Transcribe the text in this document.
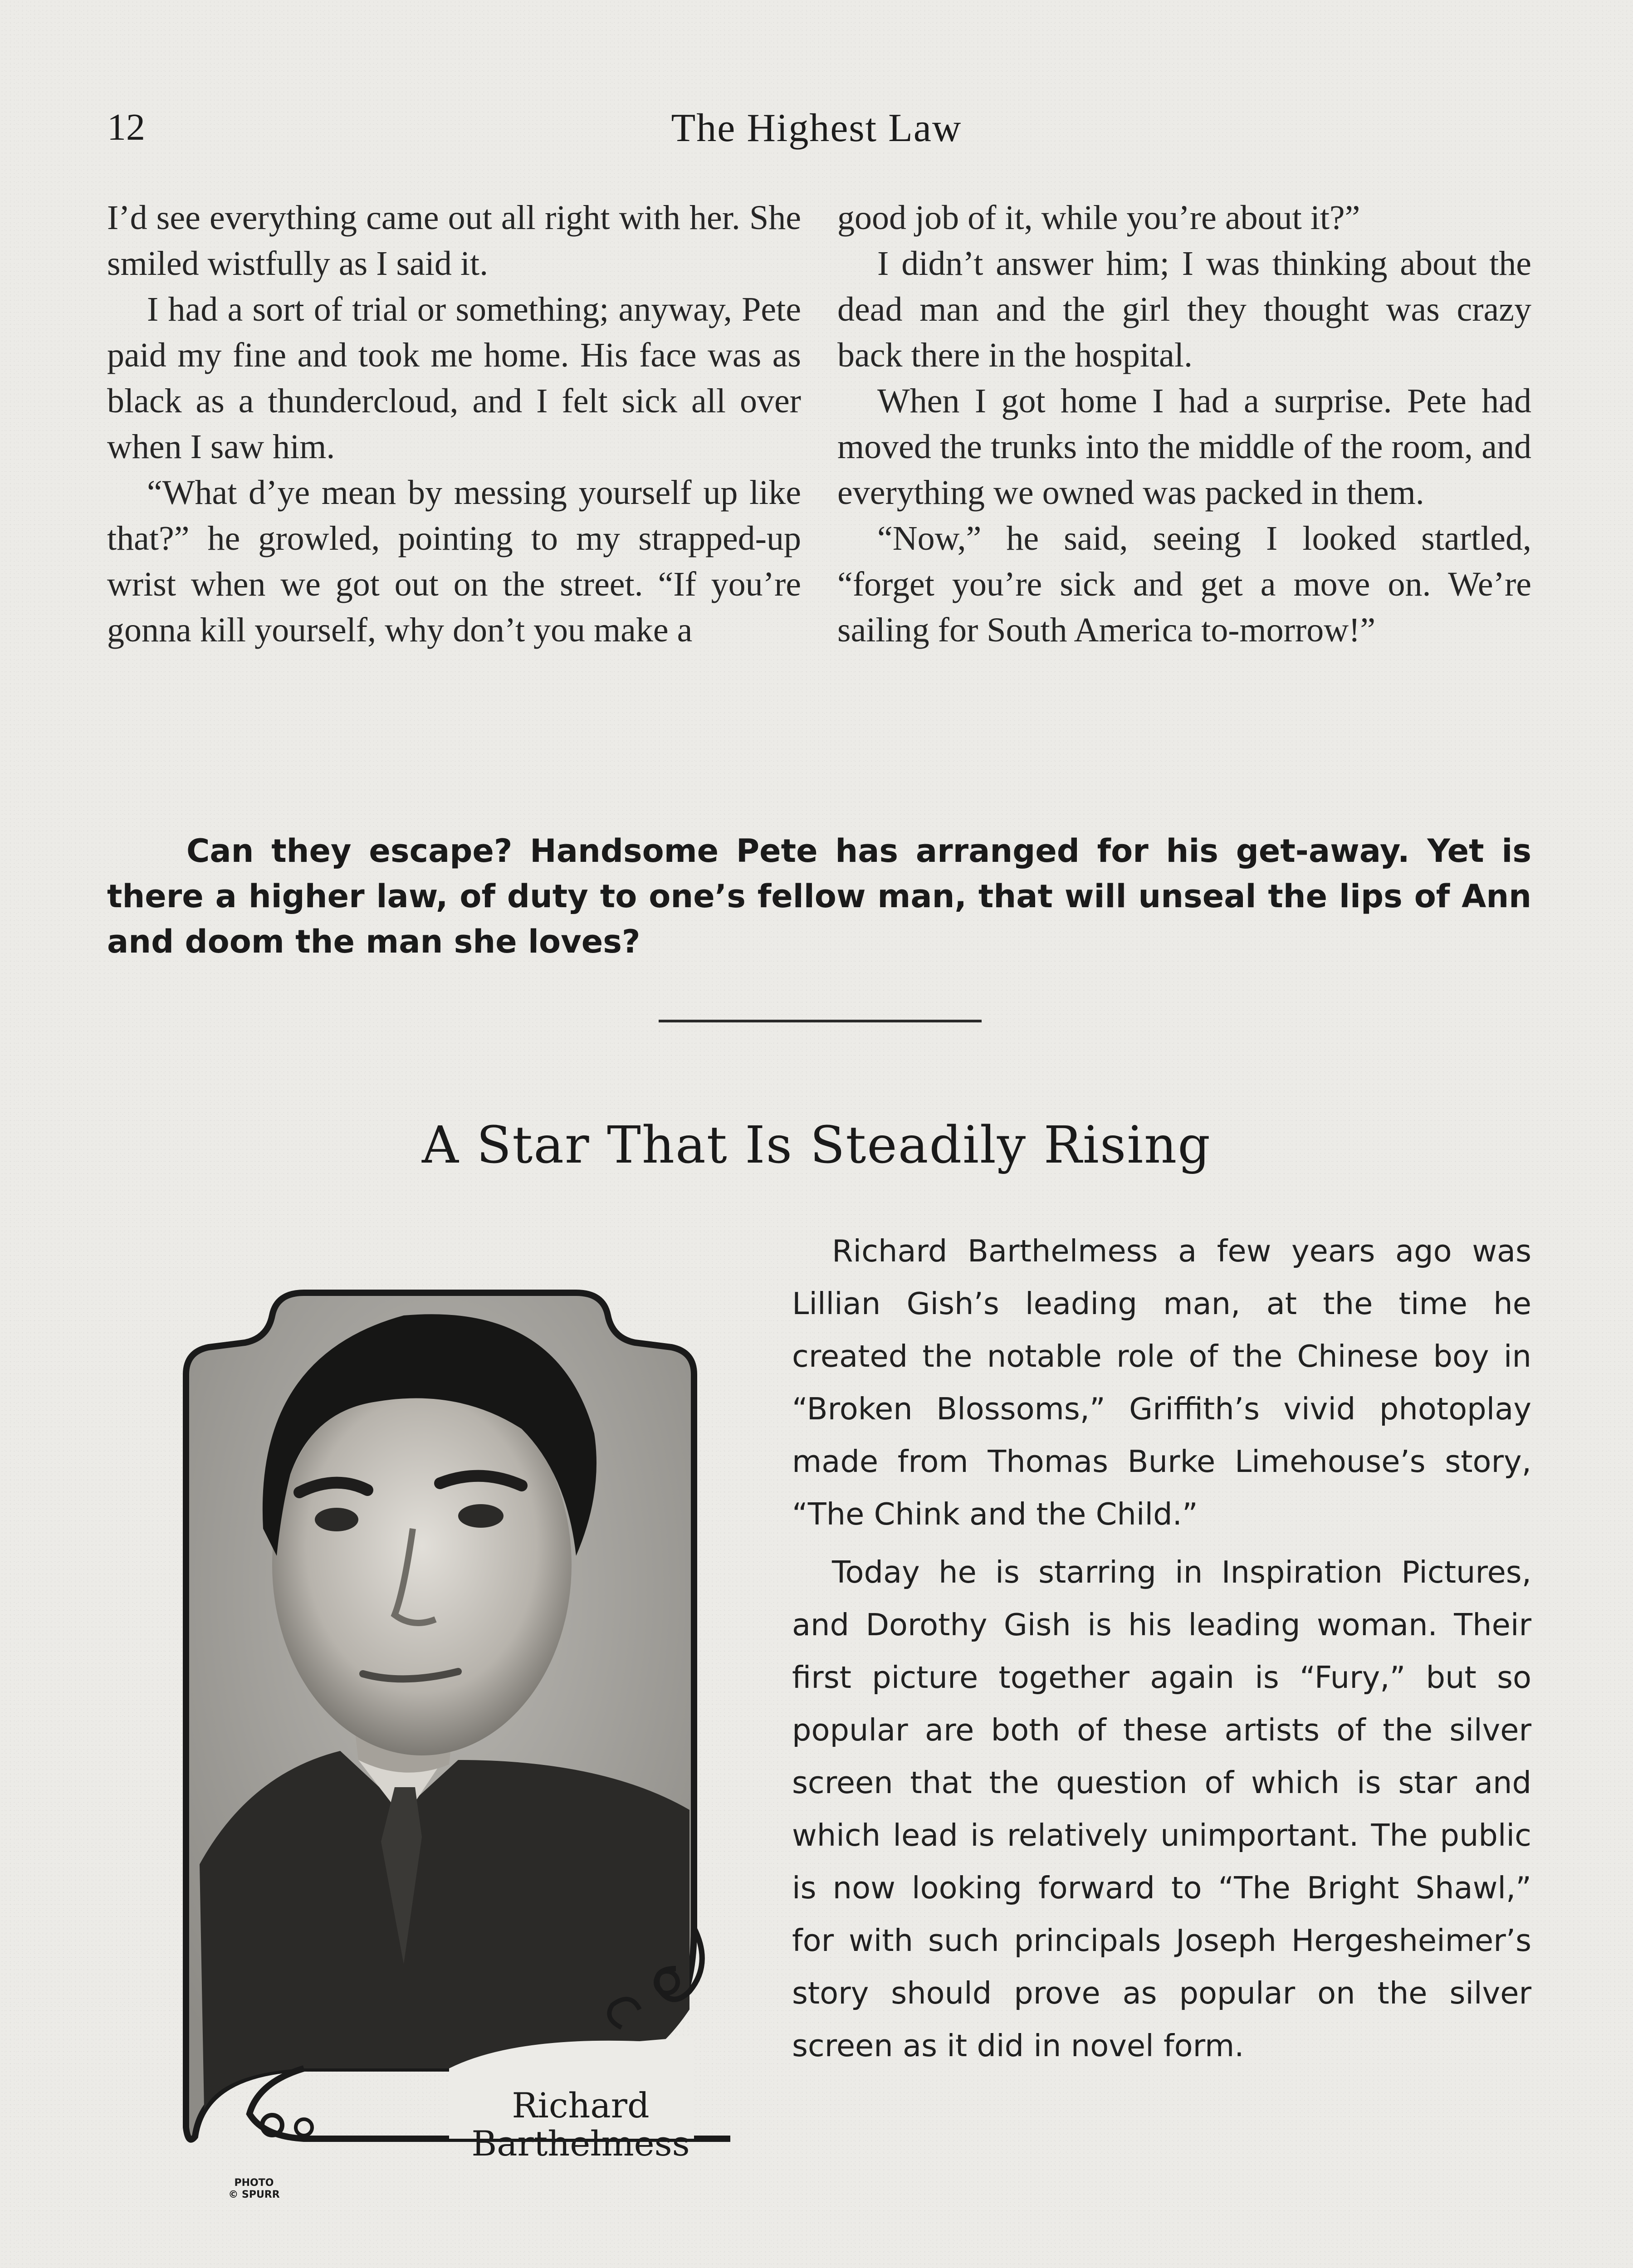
12	The Highest Law

I’d see everything came out all right with her. She smiled wistfully as I said it.

I had a sort of trial or something; anyway, Pete paid my fine and took me home. His face was as black as a thundercloud, and I felt sick all over when I saw him.

“What d’ye mean by messing yourself up like that?” he growled, pointing to my strapped-up wrist when we got out on the street. “If you’re gonna kill yourself, why don’t you make a

good job of it, while you’re about it?”

I didn’t answer him; I was thinking about the dead man and the girl they thought was crazy back there in the hospital.

When I got home I had a surprise. Pete had moved the trunks into the middle of the room, and everything we owned was packed in them.

“Now,” he said, seeing I looked startled, “forget you’re sick and get a move on. We’re sailing for South America to-morrow!”

Can they escape? Handsome Pete has arranged for his get-away. Yet is there a higher law, of duty to one’s fellow man, that will unseal the lips of Ann and doom the man she loves?
A Star That Is Steadily Rising
Richard
Barthelmess
PHOTO
© SPURR

Richard Barthelmess a few years ago was Lillian Gish’s leading man, at the time he created the notable role of the Chinese boy in “Broken Blossoms,” Griffith’s vivid photoplay made from Thomas Burke Limehouse’s story, “The Chink and the Child.”

Today he is starring in Inspiration Pictures, and Dorothy Gish is his leading woman. Their first picture together again is “Fury,” but so popular are both of these artists of the silver screen that the question of which is star and which lead is relatively unimportant. The public is now looking forward to “The Bright Shawl,” for with such principals Joseph Hergesheimer’s story should prove as popular on the silver screen as it did in novel form.
